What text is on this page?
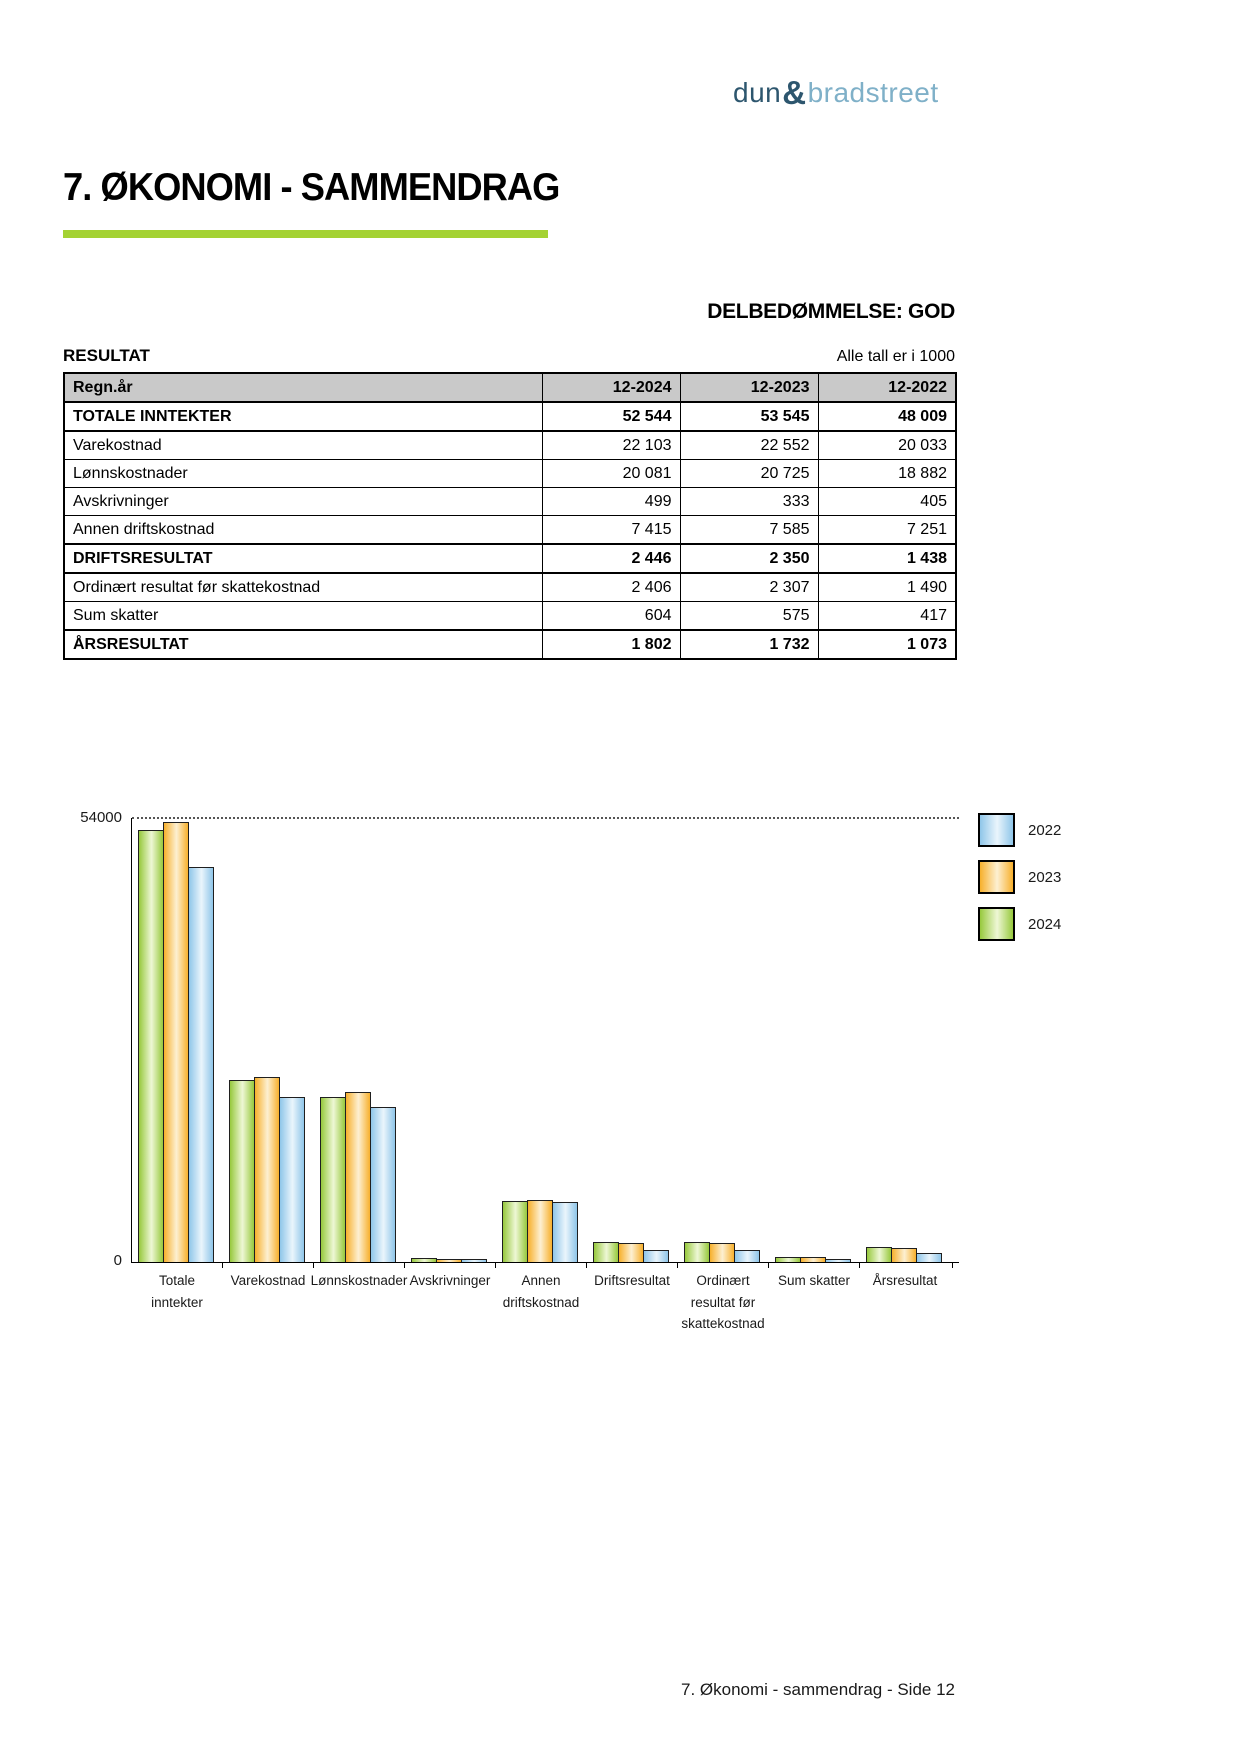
dun&bradstreet
7. ØKONOMI - SAMMENDRAG
DELBEDØMMELSE: GOD
RESULTAT	Alle tall er i 1000
Regn.år	12-2024	12-2023	12-2022
TOTALE INNTEKTER	52 544	53 545	48 009
Varekostnad	22 103	22 552	20 033
Lønnskostnader	20 081	20 725	18 882
Avskrivninger	499	333	405
Annen driftskostnad	7 415	7 585	7 251
DRIFTSRESULTAT	2 446	2 350	1 438
Ordinært resultat før skattekostnad	2 406	2 307	1 490
Sum skatter	604	575	417
ÅRSRESULTAT	1 802	1 732	1 073
54000
0
Totale
inntekter
Varekostnad Lønnskostnader Avskrivninger	Annen
driftskostnad
Driftsresultat	Ordinært
resultat før
skattekostnad
Sum skatter	Årsresultat
2022
2023
2024
7. Økonomi - sammendrag - Side 12
